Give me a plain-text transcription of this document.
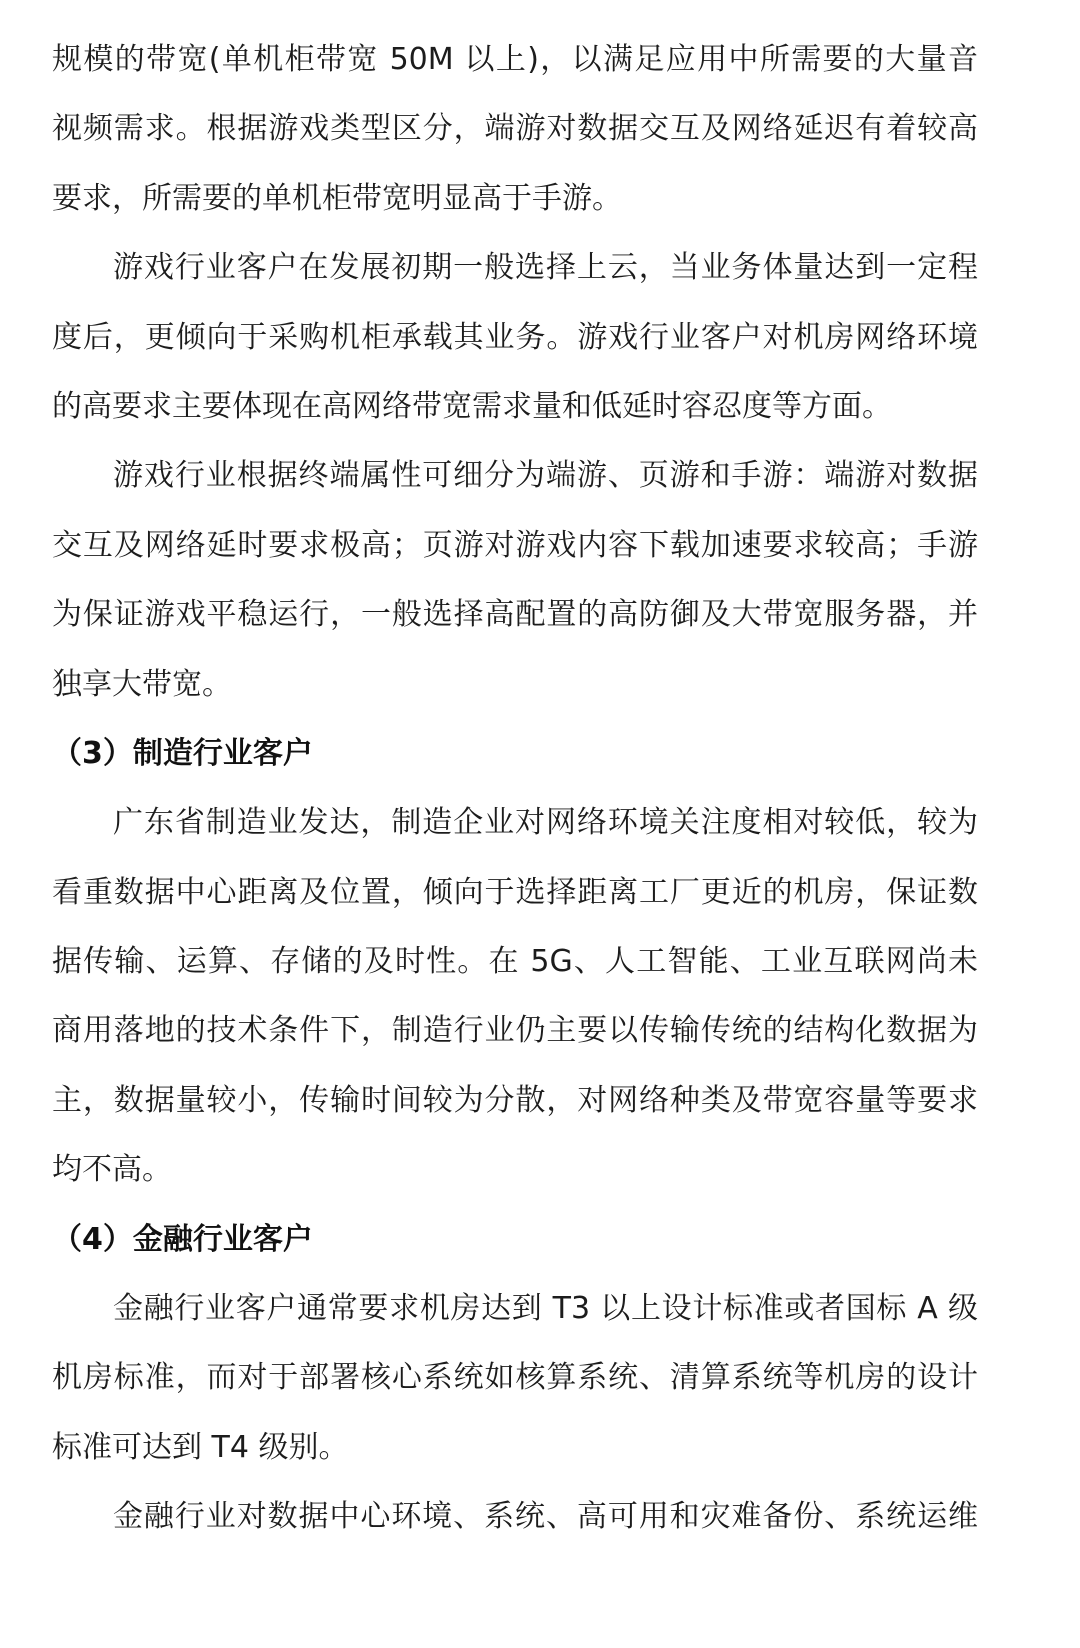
规模的带宽(单机柜带宽 50M 以上)，以满足应用中所需要的大量音
视频需求。根据游戏类型区分，端游对数据交互及网络延迟有着较高
要求，所需要的单机柜带宽明显高于手游。
游戏行业客户在发展初期一般选择上云，当业务体量达到一定程
度后，更倾向于采购机柜承载其业务。游戏行业客户对机房网络环境
的高要求主要体现在高网络带宽需求量和低延时容忍度等方面。
游戏行业根据终端属性可细分为端游、页游和手游：端游对数据
交互及网络延时要求极高；页游对游戏内容下载加速要求较高；手游
为保证游戏平稳运行，一般选择高配置的高防御及大带宽服务器，并
独享大带宽。
（3）制造行业客户
广东省制造业发达，制造企业对网络环境关注度相对较低，较为
看重数据中心距离及位置，倾向于选择距离工厂更近的机房，保证数
据传输、运算、存储的及时性。在 5G、人工智能、工业互联网尚未
商用落地的技术条件下，制造行业仍主要以传输传统的结构化数据为
主，数据量较小，传输时间较为分散，对网络种类及带宽容量等要求
均不高。
（4）金融行业客户
金融行业客户通常要求机房达到 T3 以上设计标准或者国标 A 级
机房标准，而对于部署核心系统如核算系统、清算系统等机房的设计
标准可达到 T4 级别。
金融行业对数据中心环境、系统、高可用和灾难备份、系统运维
